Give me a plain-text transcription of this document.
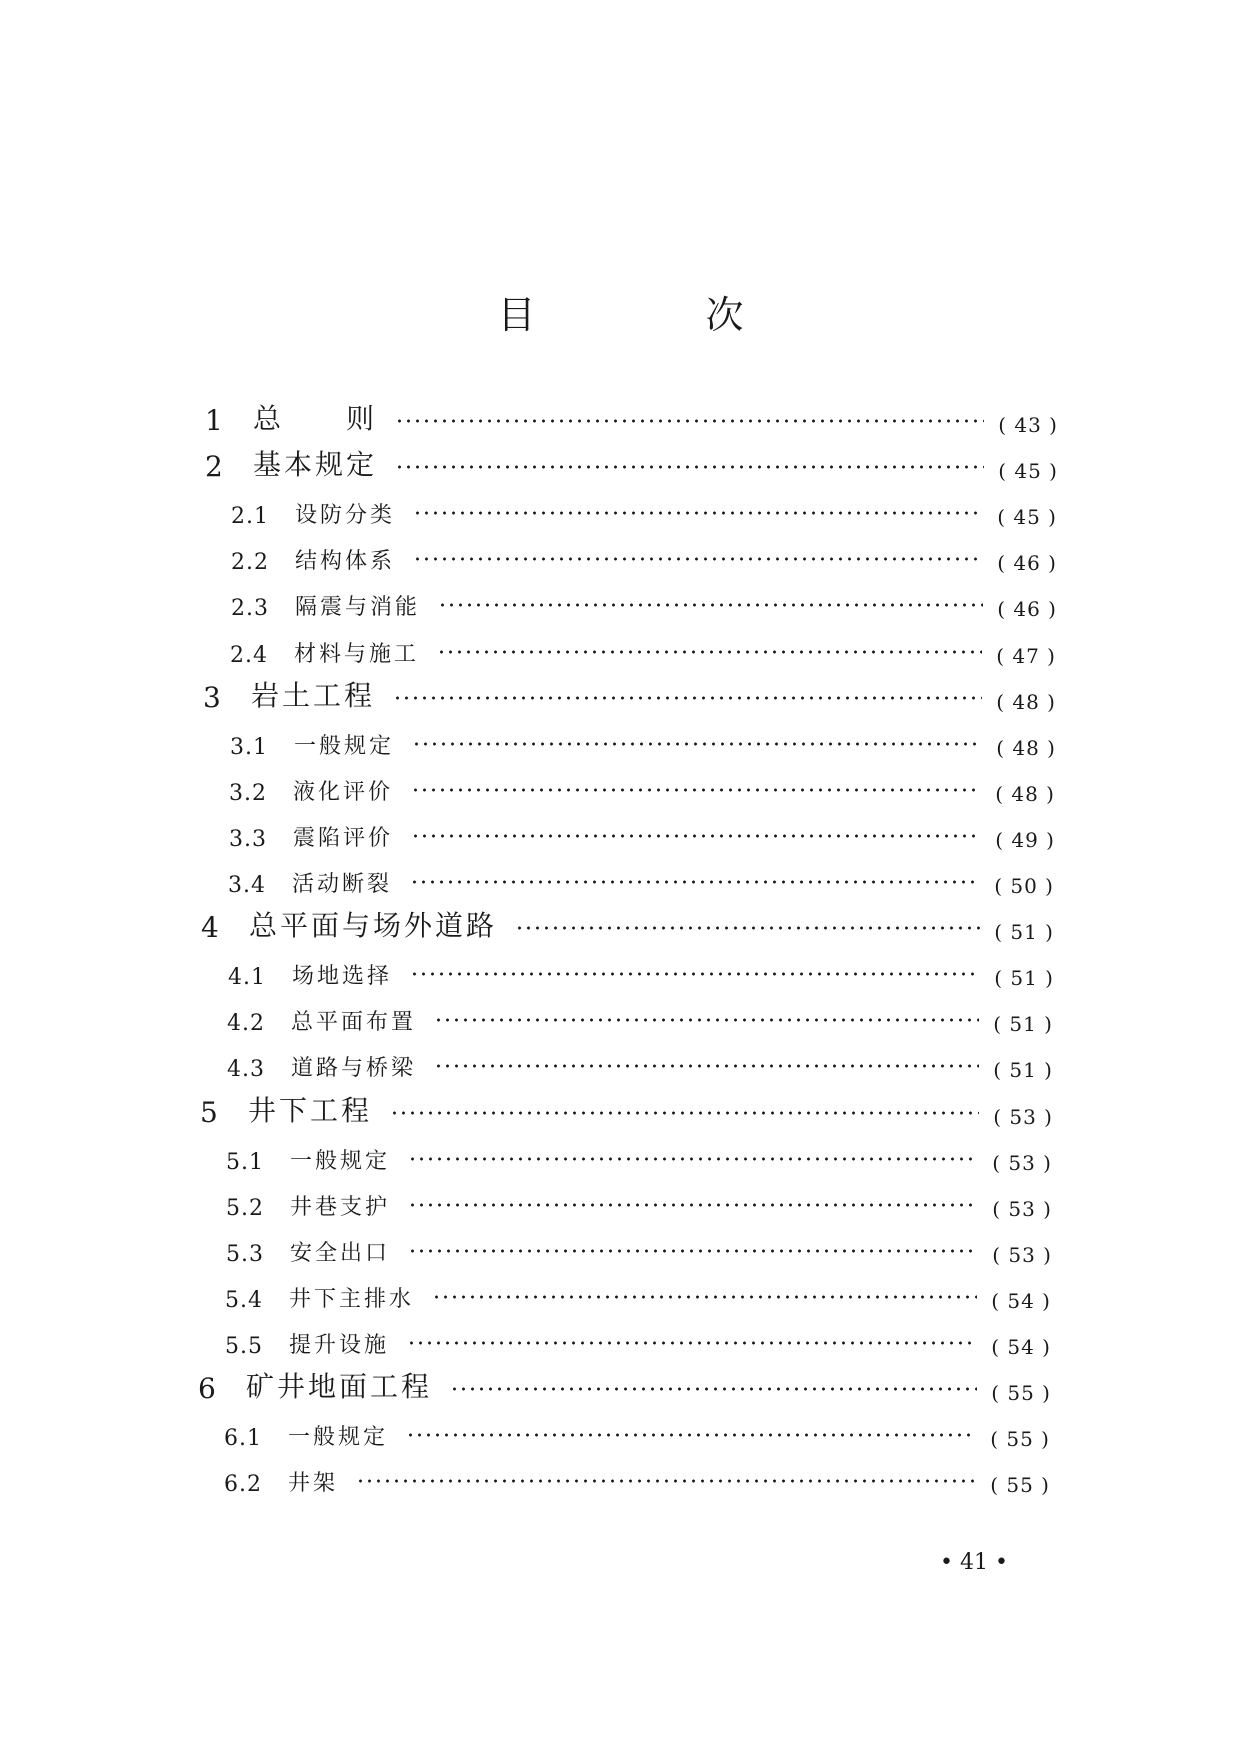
目　次
1	总　　则	( 43 )
2	基本规定	( 45 )
2.1	设防分类	( 45 )
2.2	结构体系	( 46 )
2.3	隔震与消能	( 46 )
2.4	材料与施工	( 47 )
3	岩土工程	( 48 )
3.1	一般规定	( 48 )
3.2	液化评价	( 48 )
3.3	震陷评价	( 49 )
3.4	活动断裂	( 50 )
4	总平面与场外道路	( 51 )
4.1	场地选择	( 51 )
4.2	总平面布置	( 51 )
4.3	道路与桥梁	( 51 )
5	井下工程	( 53 )
5.1	一般规定	( 53 )
5.2	井巷支护	( 53 )
5.3	安全出口	( 53 )
5.4	井下主排水	( 54 )
5.5	提升设施	( 54 )
6	矿井地面工程	( 55 )
6.1	一般规定	( 55 )
6.2	井架	( 55 )
• 41 •
